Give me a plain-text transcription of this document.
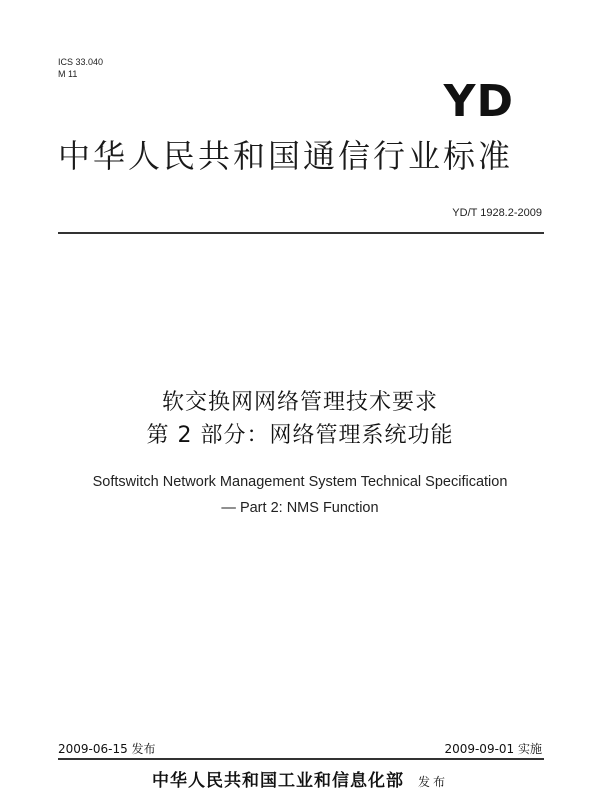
ICS 33.040
M 11
YD
中华人民共和国通信行业标准
YD/T 1928.2-2009
软交换网网络管理技术要求
第 2 部分：网络管理系统功能
Softswitch Network Management System Technical Specification
— Part 2: NMS Function
2009-06-15 发布	2009-09-01 实施
中华人民共和国工业和信息化部 发布
